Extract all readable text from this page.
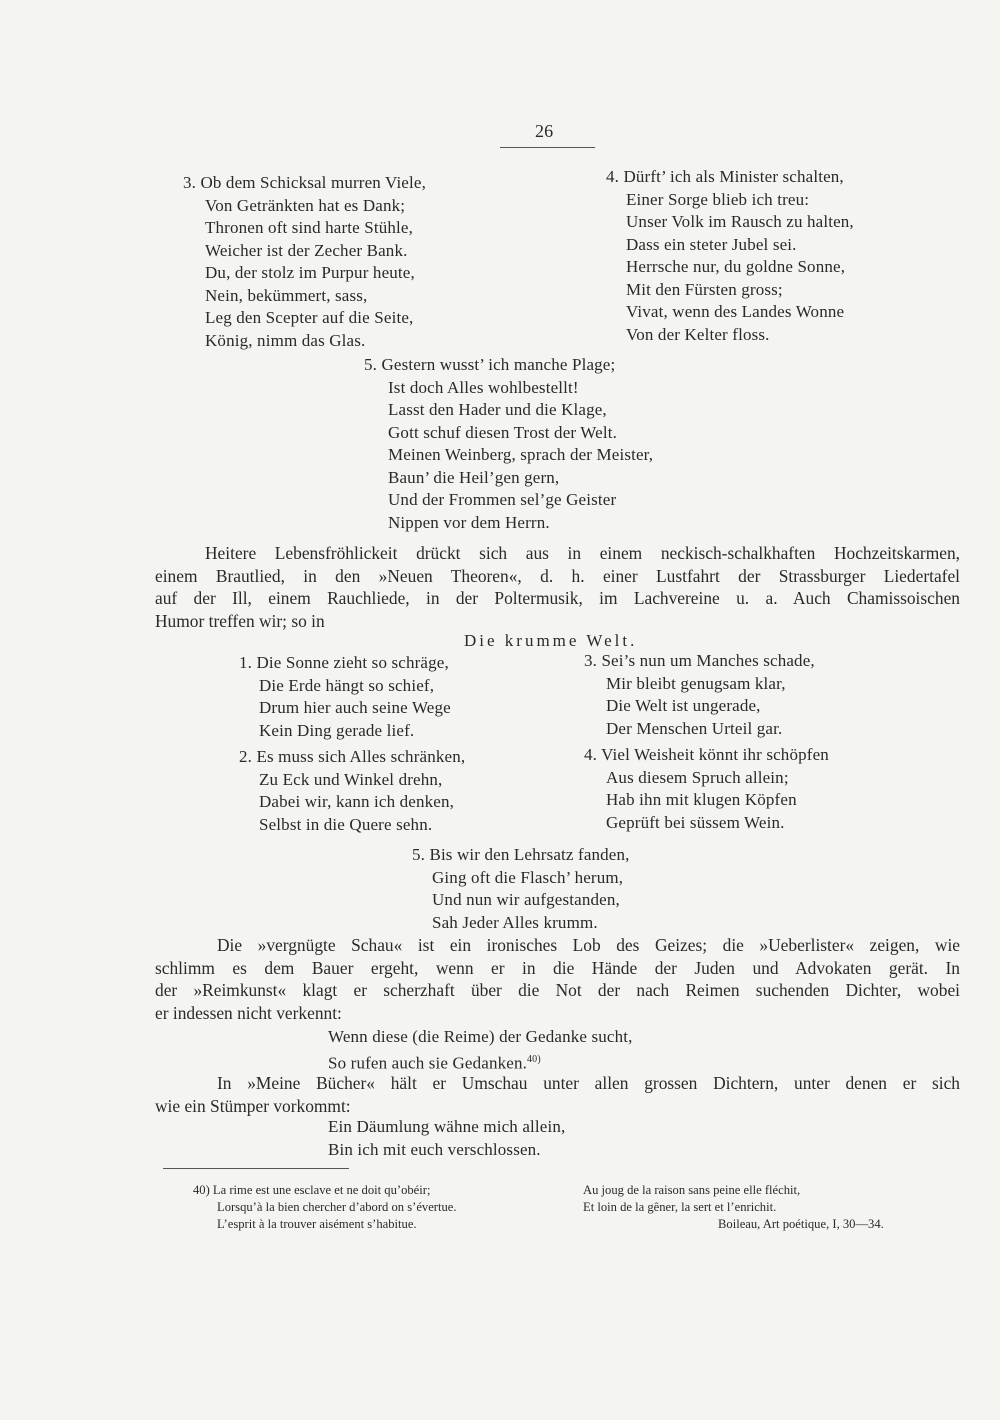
26
3. Ob dem Schicksal murren Viele,
Von Getränkten hat es Dank;
Thronen oft sind harte Stühle,
Weicher ist der Zecher Bank.
Du, der stolz im Purpur heute,
Nein, bekümmert, sass,
Leg den Scepter auf die Seite,
König, nimm das Glas.
4. Dürft’ ich als Minister schalten,
Einer Sorge blieb ich treu:
Unser Volk im Rausch zu halten,
Dass ein steter Jubel sei.
Herrsche nur, du goldne Sonne,
Mit den Fürsten gross;
Vivat, wenn des Landes Wonne
Von der Kelter floss.
5. Gestern wusst’ ich manche Plage;
Ist doch Alles wohlbestellt!
Lasst den Hader und die Klage,
Gott schuf diesen Trost der Welt.
Meinen Weinberg, sprach der Meister,
Baun’ die Heil’gen gern,
Und der Frommen sel’ge Geister
Nippen vor dem Herrn.
Heitere Lebensfröhlickeit drückt sich aus in einem neckisch-schalkhaften Hochzeitskarmen,
einem Brautlied, in den »Neuen Theoren«, d. h. einer Lustfahrt der Strassburger Liedertafel
auf der Ill, einem Rauchliede, in der Poltermusik, im Lachvereine u. a. Auch Chamissoischen
Humor treffen wir; so in
Die krumme Welt.
1. Die Sonne zieht so schräge,
Die Erde hängt so schief,
Drum hier auch seine Wege
Kein Ding gerade lief.
2. Es muss sich Alles schränken,
Zu Eck und Winkel drehn,
Dabei wir, kann ich denken,
Selbst in die Quere sehn.
3. Sei’s nun um Manches schade,
Mir bleibt genugsam klar,
Die Welt ist ungerade,
Der Menschen Urteil gar.
4. Viel Weisheit könnt ihr schöpfen
Aus diesem Spruch allein;
Hab ihn mit klugen Köpfen
Geprüft bei süssem Wein.
5. Bis wir den Lehrsatz fanden,
Ging oft die Flasch’ herum,
Und nun wir aufgestanden,
Sah Jeder Alles krumm.
Die »vergnügte Schau« ist ein ironisches Lob des Geizes; die »Ueberlister« zeigen, wie
schlimm es dem Bauer ergeht, wenn er in die Hände der Juden und Advokaten gerät. In
der »Reimkunst« klagt er scherzhaft über die Not der nach Reimen suchenden Dichter, wobei
er indessen nicht verkennt:
Wenn diese (die Reime) der Gedanke sucht,
So rufen auch sie Gedanken.$^{40)}$
In »Meine Bücher« hält er Umschau unter allen grossen Dichtern, unter denen er sich
wie ein Stümper vorkommt:
Ein Däumlung wähne mich allein,
Bin ich mit euch verschlossen.
40) La rime est une esclave et ne doit qu’obéir;
Lorsqu’à la bien chercher d’abord on s’évertue.
L’esprit à la trouver aisément s’habitue.
Au joug de la raison sans peine elle fléchit,
Et loin de la gêner, la sert et l’enrichit.
Boileau, Art poétique, I, 30—34.
